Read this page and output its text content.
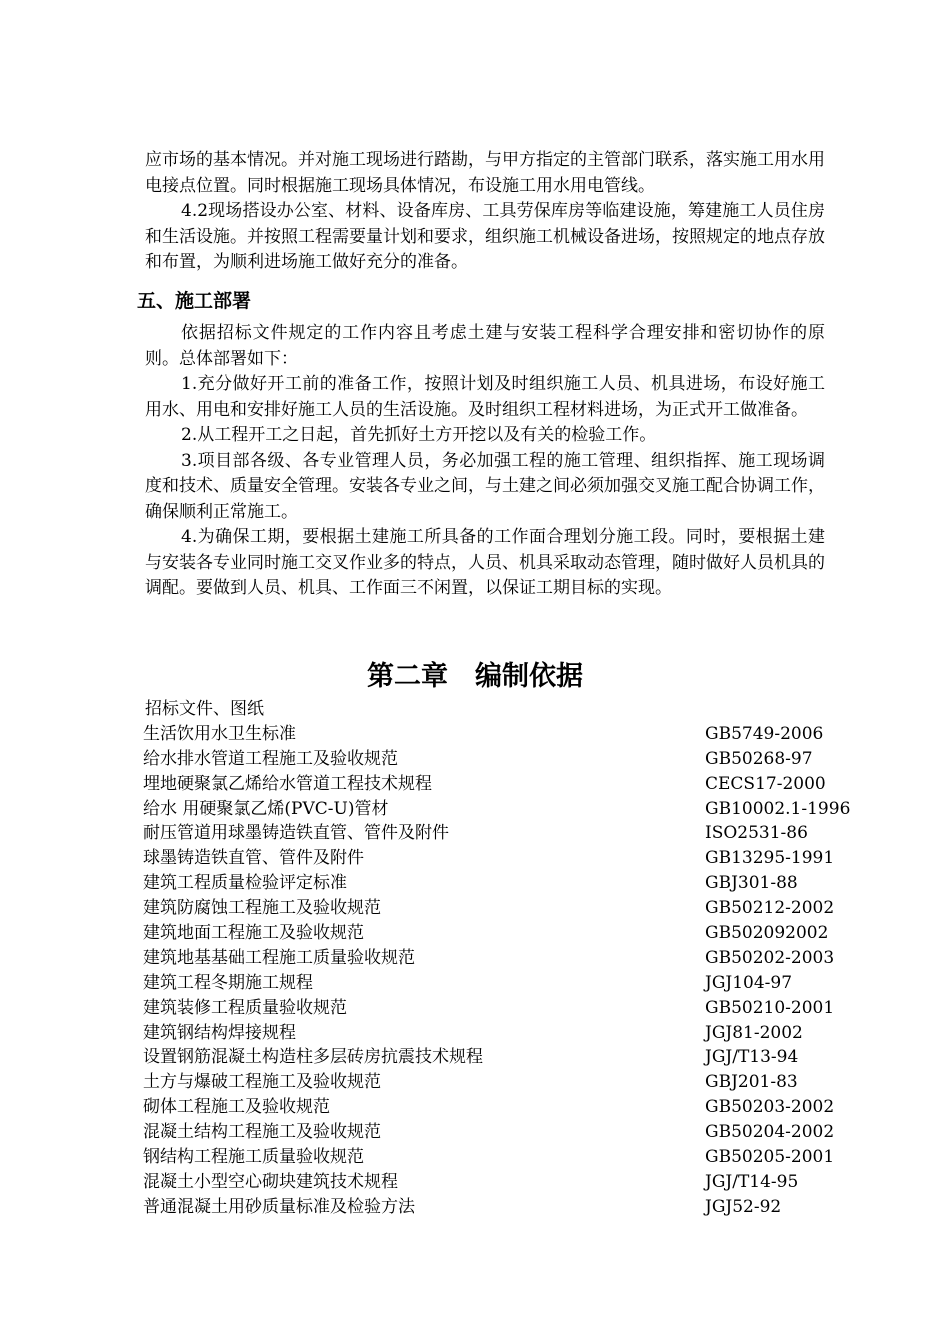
应市场的基本情况。并对施工现场进行踏勘，与甲方指定的主管部门联系，落实施工用水用电接点位置。同时根据施工现场具体情况，布设施工用水用电管线。

4.2现场搭设办公室、材料、设备库房、工具劳保库房等临建设施，筹建施工人员住房和生活设施。并按照工程需要量计划和要求，组织施工机械设备进场，按照规定的地点存放和布置，为顺利进场施工做好充分的准备。

五、施工部署

依据招标文件规定的工作内容且考虑土建与安装工程科学合理安排和密切协作的原则。总体部署如下：

1.充分做好开工前的准备工作，按照计划及时组织施工人员、机具进场，布设好施工用水、用电和安排好施工人员的生活设施。及时组织工程材料进场，为正式开工做准备。

2.从工程开工之日起，首先抓好土方开挖以及有关的检验工作。

3.项目部各级、各专业管理人员，务必加强工程的施工管理、组织指挥、施工现场调度和技术、质量安全管理。安装各专业之间，与土建之间必须加强交叉施工配合协调工作，确保顺利正常施工。

4.为确保工期，要根据土建施工所具备的工作面合理划分施工段。同时，要根据土建与安装各专业同时施工交叉作业多的特点，人员、机具采取动态管理，随时做好人员机具的调配。要做到人员、机具、工作面三不闲置，以保证工期目标的实现。

第二章　编制依据
招标文件、图纸
生活饮用水卫生标准	GB5749-2006
给水排水管道工程施工及验收规范	GB50268-97
埋地硬聚氯乙烯给水管道工程技术规程	CECS17-2000
给水 用硬聚氯乙烯(PVC-U)管材	GB10002.1-1996
耐压管道用球墨铸造铁直管、管件及附件	ISO2531-86
球墨铸造铁直管、管件及附件	GB13295-1991
建筑工程质量检验评定标准	GBJ301-88
建筑防腐蚀工程施工及验收规范	GB50212-2002
建筑地面工程施工及验收规范	GB502092002
建筑地基基础工程施工质量验收规范	GB50202-2003
建筑工程冬期施工规程	JGJ104-97
建筑装修工程质量验收规范	GB50210-2001
建筑钢结构焊接规程	JGJ81-2002
设置钢筋混凝土构造柱多层砖房抗震技术规程	JGJ/T13-94
土方与爆破工程施工及验收规范	GBJ201-83
砌体工程施工及验收规范	GB50203-2002
混凝土结构工程施工及验收规范	GB50204-2002
钢结构工程施工质量验收规范	GB50205-2001
混凝土小型空心砌块建筑技术规程	JGJ/T14-95
普通混凝土用砂质量标准及检验方法	JGJ52-92
